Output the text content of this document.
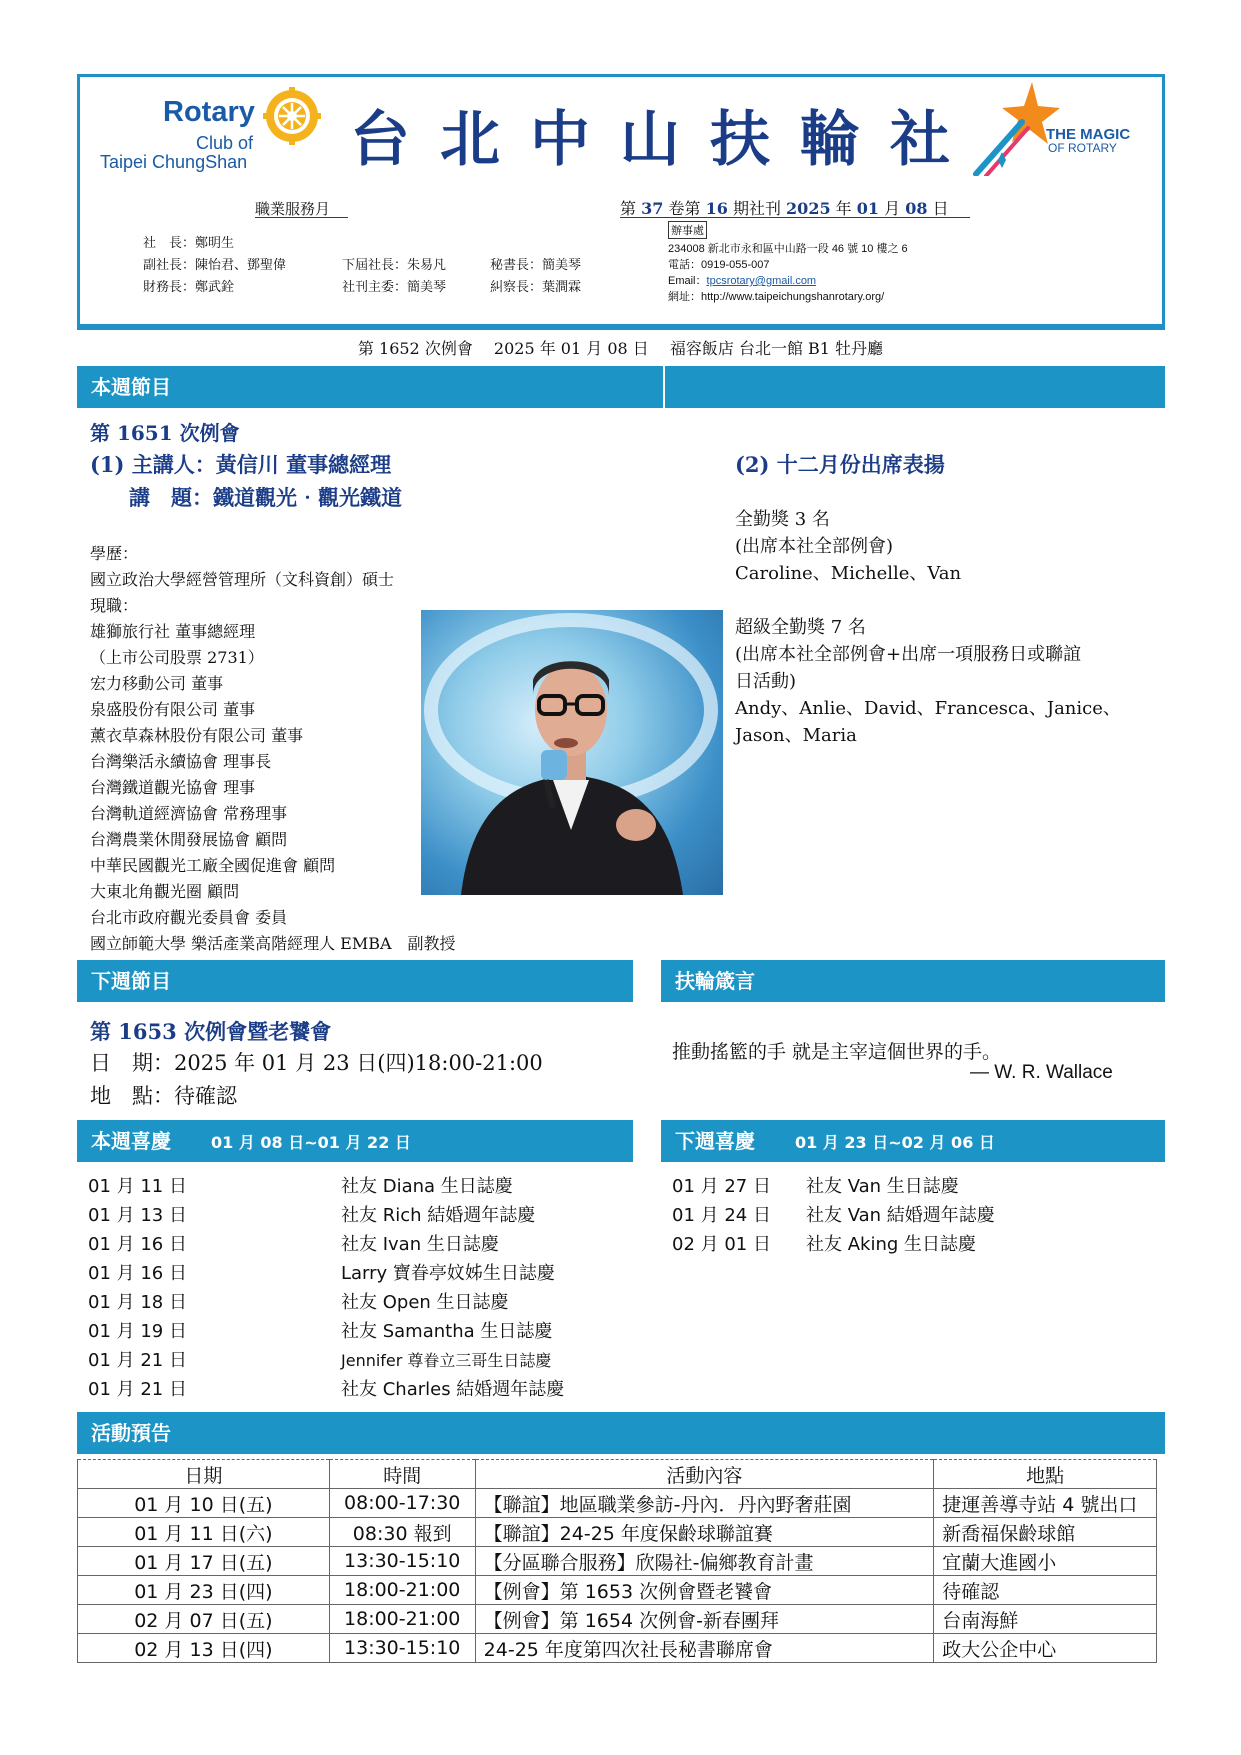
Rotary
Club of
Taipei ChungShan 台北中山扶輪社	THE MAGIC
OF ROTARY
職業服務月	第 37 卷第 16 期社刊 2025 年 01 月 08 日
社　長：鄭明生
副社長：陳怡君、鄧聖偉	下屆社長：朱易凡	秘書長：簡美琴
財務長：鄭武銓	社刊主委：簡美琴	糾察長：葉澗霖
辦事處
234008 新北市永和區中山路一段 46 號 10 樓之 6
電話：0919-055-007
Email：tpcsrotary@gmail.com
網址：http://www.taipeichungshanrotary.org/
第 1652 次例會　 2025 年 01 月 08 日　 福容飯店 台北一館 B1 牡丹廳
本週節目
第 1651 次例會
(1) 主講人：黃信川 董事總經理
講　題：鐵道觀光‧觀光鐵道
學歷：
國立政治大學經營管理所（文科資創）碩士
現職：
雄獅旅行社 董事總經理
（上市公司股票 2731）
宏力移動公司 董事
泉盛股份有限公司 董事
薰衣草森林股份有限公司 董事
台灣樂活永續協會 理事長
台灣鐵道觀光協會 理事
台灣軌道經濟協會 常務理事
台灣農業休閒發展協會 顧問
中華民國觀光工廠全國促進會 顧問
大東北角觀光圈 顧問
台北市政府觀光委員會 委員
國立師範大學 樂活產業高階經理人 EMBA　副教授
(2) 十二月份出席表揚
全勤獎 3 名
(出席本社全部例會)
Caroline、Michelle、Van
超級全勤獎 7 名
(出席本社全部例會+出席一項服務日或聯誼
日活動)
Andy、Anlie、David、Francesca、Janice、
Jason、Maria
下週節目	扶輪箴言
第 1653 次例會暨老饕會
日　期：2025 年 01 月 23 日(四)18:00-21:00
地　點：待確認
推動搖籃的手 就是主宰這個世界的手。
— W. R. Wallace
本週喜慶	01 月 08 日~01 月 22 日	下週喜慶	01 月 23 日~02 月 06 日
01 月 11 日	社友 Diana 生日誌慶
01 月 13 日	社友 Rich 結婚週年誌慶
01 月 16 日	社友 Ivan 生日誌慶
01 月 16 日	Larry 寶眷亭妏姊生日誌慶
01 月 18 日	社友 Open 生日誌慶
01 月 19 日	社友 Samantha 生日誌慶
01 月 21 日	Jennifer 尊眷立三哥生日誌慶
01 月 21 日	社友 Charles 結婚週年誌慶
01 月 27 日 社友 Van 生日誌慶
01 月 24 日 社友 Van 結婚週年誌慶
02 月 01 日 社友 Aking 生日誌慶
活動預告
日期	時間	活動內容	地點
01 月 10 日(五)	08:00-17:30	【聯誼】地區職業參訪-丹內．丹內野奢莊園	捷運善導寺站 4 號出口
01 月 11 日(六)	08:30 報到	【聯誼】24-25 年度保齡球聯誼賽	新喬福保齡球館
01 月 17 日(五)	13:30-15:10	【分區聯合服務】欣陽社-偏鄉教育計畫	宜蘭大進國小
01 月 23 日(四)	18:00-21:00	【例會】第 1653 次例會暨老饕會	待確認
02 月 07 日(五)	18:00-21:00	【例會】第 1654 次例會-新春團拜	台南海鮮
02 月 13 日(四)	13:30-15:10	24-25 年度第四次社長秘書聯席會	政大公企中心
